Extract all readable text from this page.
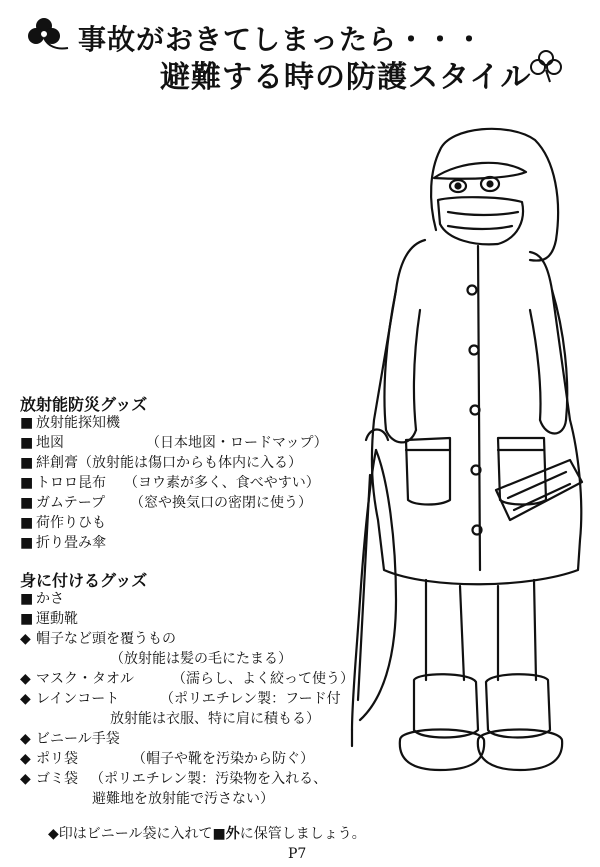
事故がおきてしまったら・・・
避難する時の防護スタイル
放射能防災グッズ
■ 放射能探知機
■ 地図	（日本地図・ロードマップ）
■ 絆創膏（放射能は傷口からも体内に入る）
■ トロロ昆布 （ヨウ素が多く、食べやすい）
■ ガムテープ （窓や換気口の密閉に使う）
■ 荷作りひも
■ 折り畳み傘
身に付けるグッズ
■ かさ
■ 運動靴
◆ 帽子など頭を覆うもの
（放射能は髪の毛にたまる）
◆ マスク・タオル	（濡らし、よく絞って使う）
◆ レインコート	（ポリエチレン製：フード付
放射能は衣服、特に肩に積もる）
◆ ビニール手袋
◆ ポリ袋	（帽子や靴を汚染から防ぐ）
◆ ゴミ袋 （ポリエチレン製：汚染物を入れる、
避難地を放射能で汚さない）
◆印はビニール袋に入れて■外に保管しましょう。
P7
